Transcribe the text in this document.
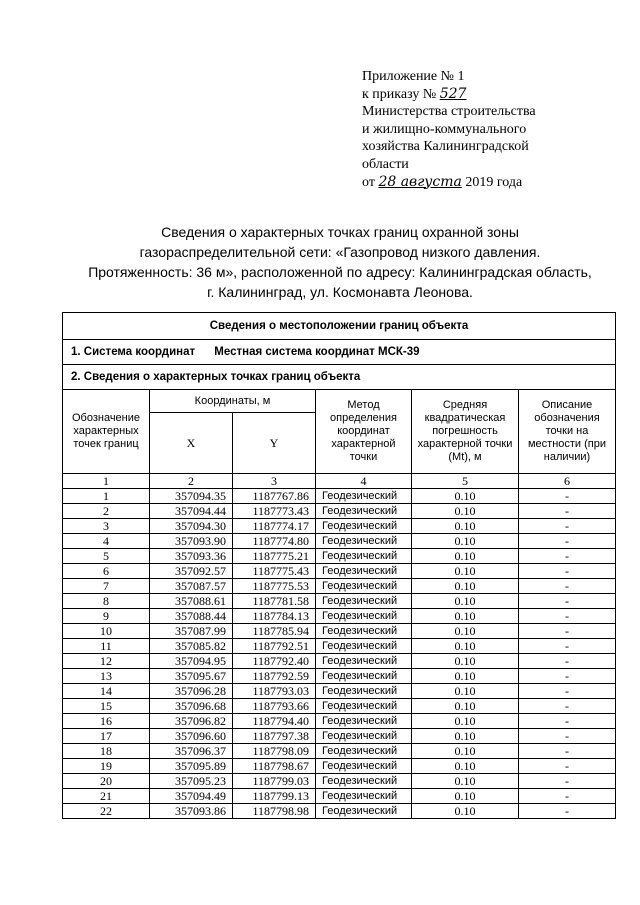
Приложение № 1
к приказу № 527
Министерства строительства
и жилищно-коммунального
хозяйства Калининградской
области
от 28 августа 2019 года
Сведения о характерных точках границ охранной зоны
газораспределительной сети: «Газопровод низкого давления.
Протяженность: 36 м», расположенной по адресу: Калининградская область,
г. Калининград, ул. Космонавта Леонова.
Сведения о местоположении границ объекта					
1. Система координат Местная система координат МСК-39					
2. Сведения о характерных точках границ объекта					
Обозначение характерных точек границ	Координаты, м		Метод определения координат характерной точки	Средняя квадратическая погрешность характерной точки (Mt), м	Описание обозначения точки на местности (при наличии)
	X	Y			
1	2	3	4	5	6
1	357094.35	1187767.86	Геодезический	0.10	-
2	357094.44	1187773.43	Геодезический	0.10	-
3	357094.30	1187774.17	Геодезический	0.10	-
4	357093.90	1187774.80	Геодезический	0.10	-
5	357093.36	1187775.21	Геодезический	0.10	-
6	357092.57	1187775.43	Геодезический	0.10	-
7	357087.57	1187775.53	Геодезический	0.10	-
8	357088.61	1187781.58	Геодезический	0.10	-
9	357088.44	1187784.13	Геодезический	0.10	-
10	357087.99	1187785.94	Геодезический	0.10	-
11	357085.82	1187792.51	Геодезический	0.10	-
12	357094.95	1187792.40	Геодезический	0.10	-
13	357095.67	1187792.59	Геодезический	0.10	-
14	357096.28	1187793.03	Геодезический	0.10	-
15	357096.68	1187793.66	Геодезический	0.10	-
16	357096.82	1187794.40	Геодезический	0.10	-
17	357096.60	1187797.38	Геодезический	0.10	-
18	357096.37	1187798.09	Геодезический	0.10	-
19	357095.89	1187798.67	Геодезический	0.10	-
20	357095.23	1187799.03	Геодезический	0.10	-
21	357094.49	1187799.13	Геодезический	0.10	-
22	357093.86	1187798.98	Геодезический	0.10	-
